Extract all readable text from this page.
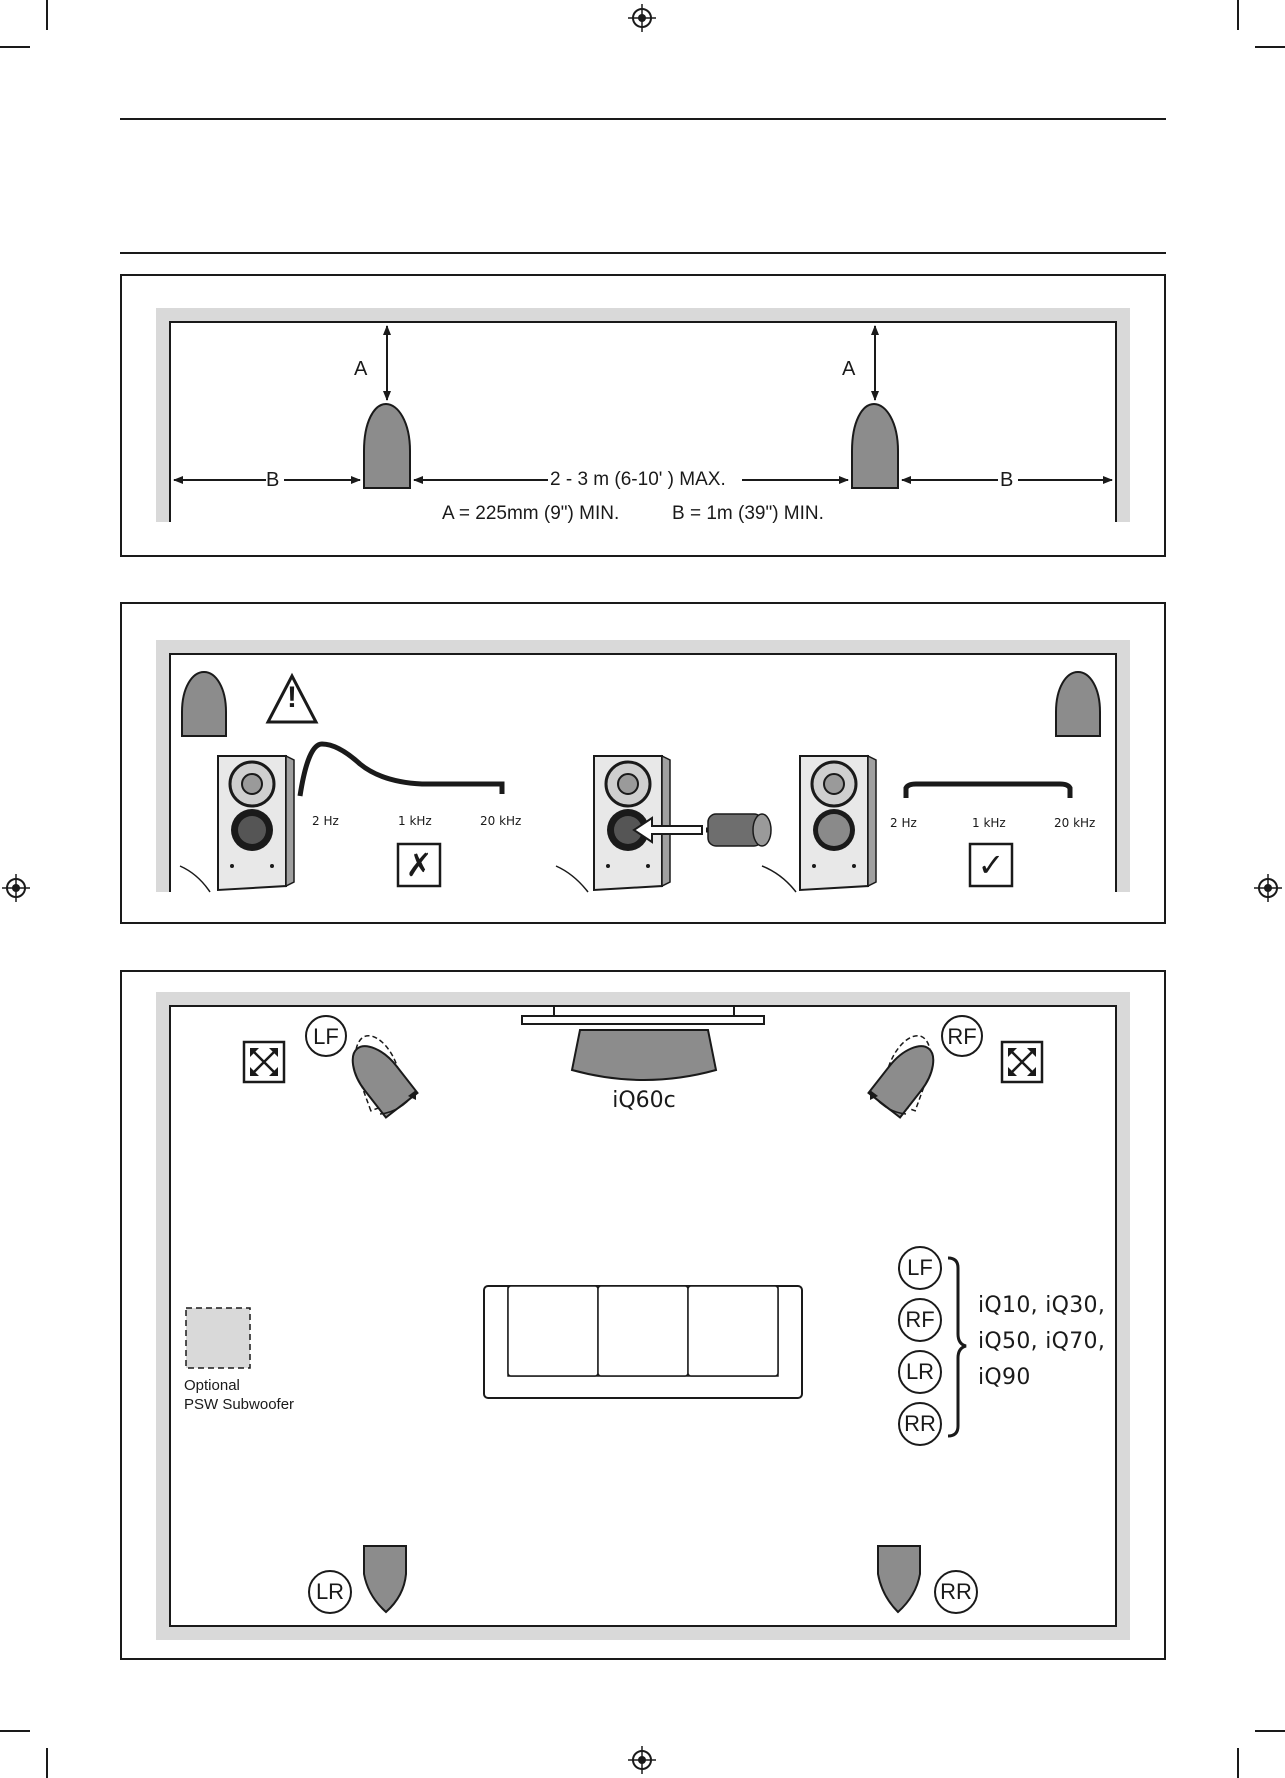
A	A
B	B
2 - 3 m (6-10' ) MAX.
A = 225mm (9") MIN.	B = 1m (39") MIN.
!
✗	✓
2 Hz	1 kHz	20 kHz	2 Hz	1 kHz	20 kHz
LF	RF
LR	RR
iQ60c
LF
RF
LR
RR
iQ10, iQ30,
iQ50, iQ70,
iQ90
Optional
PSW Subwoofer
